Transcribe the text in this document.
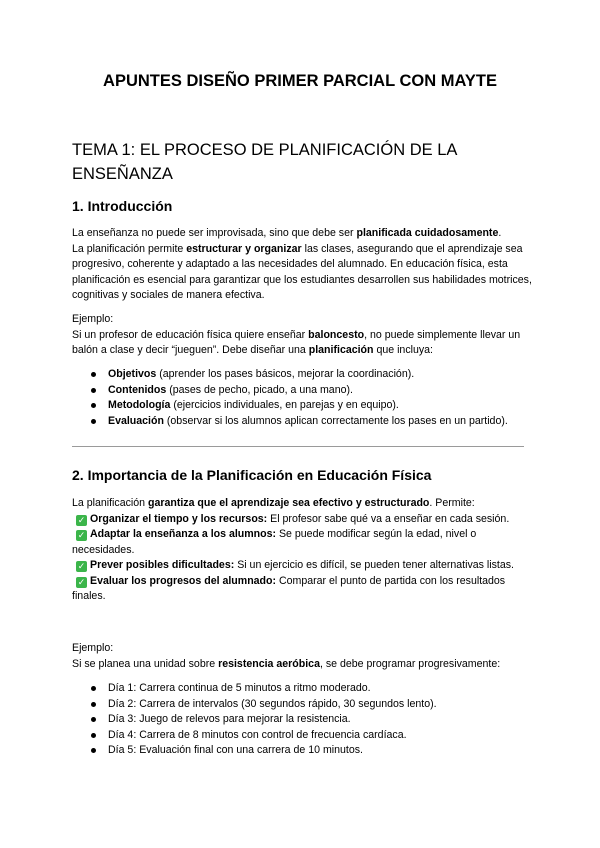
APUNTES DISEÑO PRIMER PARCIAL CON MAYTE
TEMA 1: EL PROCESO DE PLANIFICACIÓN DE LA ENSEÑANZA
1. Introducción

La enseñanza no puede ser improvisada, sino que debe ser planificada cuidadosamente.

La planificación permite estructurar y organizar las clases, asegurando que el aprendizaje sea progresivo, coherente y adaptado a las necesidades del alumnado. En educación física, esta planificación es esencial para garantizar que los estudiantes desarrollen sus habilidades motrices, cognitivas y sociales de manera efectiva.

Ejemplo:

Si un profesor de educación física quiere enseñar baloncesto, no puede simplemente llevar un balón a clase y decir “jueguen”. Debe diseñar una planificación que incluya:

Objetivos (aprender los pases básicos, mejorar la coordinación).
Contenidos (pases de pecho, picado, a una mano).
Metodología (ejercicios individuales, en parejas y en equipo).
Evaluación (observar si los alumnos aplican correctamente los pases en un partido).
2. Importancia de la Planificación en Educación Física

La planificación garantiza que el aprendizaje sea efectivo y estructurado. Permite:

✓ Organizar el tiempo y los recursos: El profesor sabe qué va a enseñar en cada sesión.

✓ Adaptar la enseñanza a los alumnos: Se puede modificar según la edad, nivel o necesidades.

✓ Prever posibles dificultades: Si un ejercicio es difícil, se pueden tener alternativas listas.

✓ Evaluar los progresos del alumnado: Comparar el punto de partida con los resultados finales.

Ejemplo:

Si se planea una unidad sobre resistencia aeróbica, se debe programar progresivamente:

Día 1: Carrera continua de 5 minutos a ritmo moderado.
Día 2: Carrera de intervalos (30 segundos rápido, 30 segundos lento).
Día 3: Juego de relevos para mejorar la resistencia.
Día 4: Carrera de 8 minutos con control de frecuencia cardíaca.
Día 5: Evaluación final con una carrera de 10 minutos.
